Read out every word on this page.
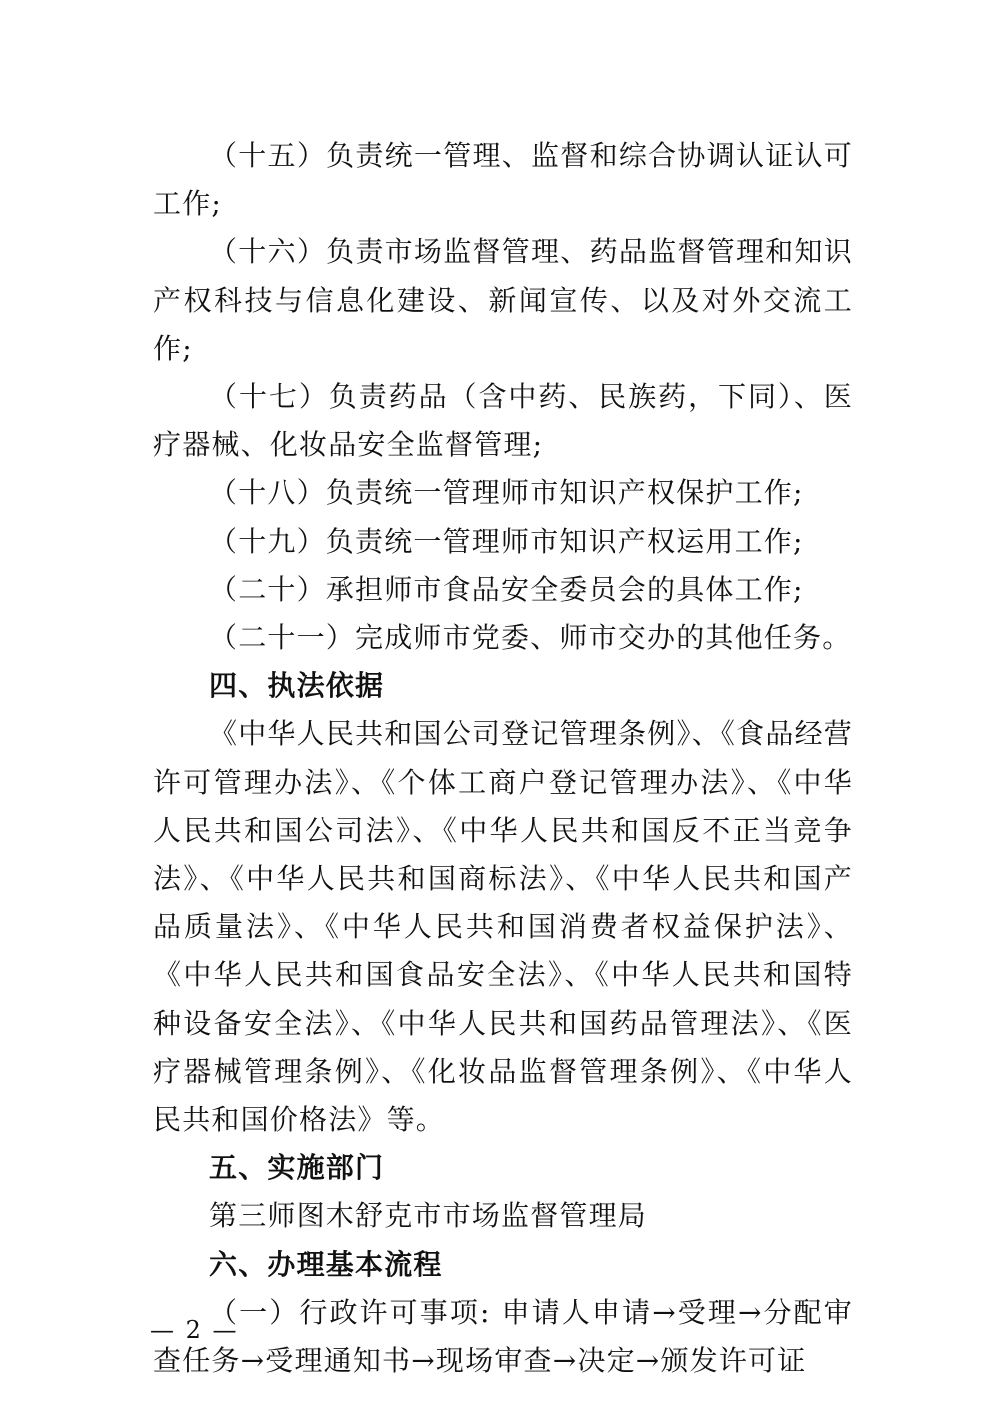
（十五）负责统一管理、监督和综合协调认证认可工作;

（十六）负责市场监督管理、药品监督管理和知识产权科技与信息化建设、新闻宣传、以及对外交流工作;

（十七）负责药品（含中药、民族药，下同）、医疗器械、化妆品安全监督管理;

（十八）负责统一管理师市知识产权保护工作;

（十九）负责统一管理师市知识产权运用工作;

（二十）承担师市食品安全委员会的具体工作;

（二十一）完成师市党委、师市交办的其他任务。

四、执法依据

《中华人民共和国公司登记管理条例》、《食品经营许可管理办法》、《个体工商户登记管理办法》、《中华人民共和国公司法》、《中华人民共和国反不正当竞争法》、《中华人民共和国商标法》、《中华人民共和国产品质量法》、《中华人民共和国消费者权益保护法》、《中华人民共和国食品安全法》、《中华人民共和国特种设备安全法》、《中华人民共和国药品管理法》、《医疗器械管理条例》、《化妆品监督管理条例》、《中华人民共和国价格法》等。

五、实施部门

第三师图木舒克市市场监督管理局

六、办理基本流程

（一）行政许可事项: 申请人申请→受理→分配审查任务→受理通知书→现场审查→决定→颁发许可证

— 2 —
